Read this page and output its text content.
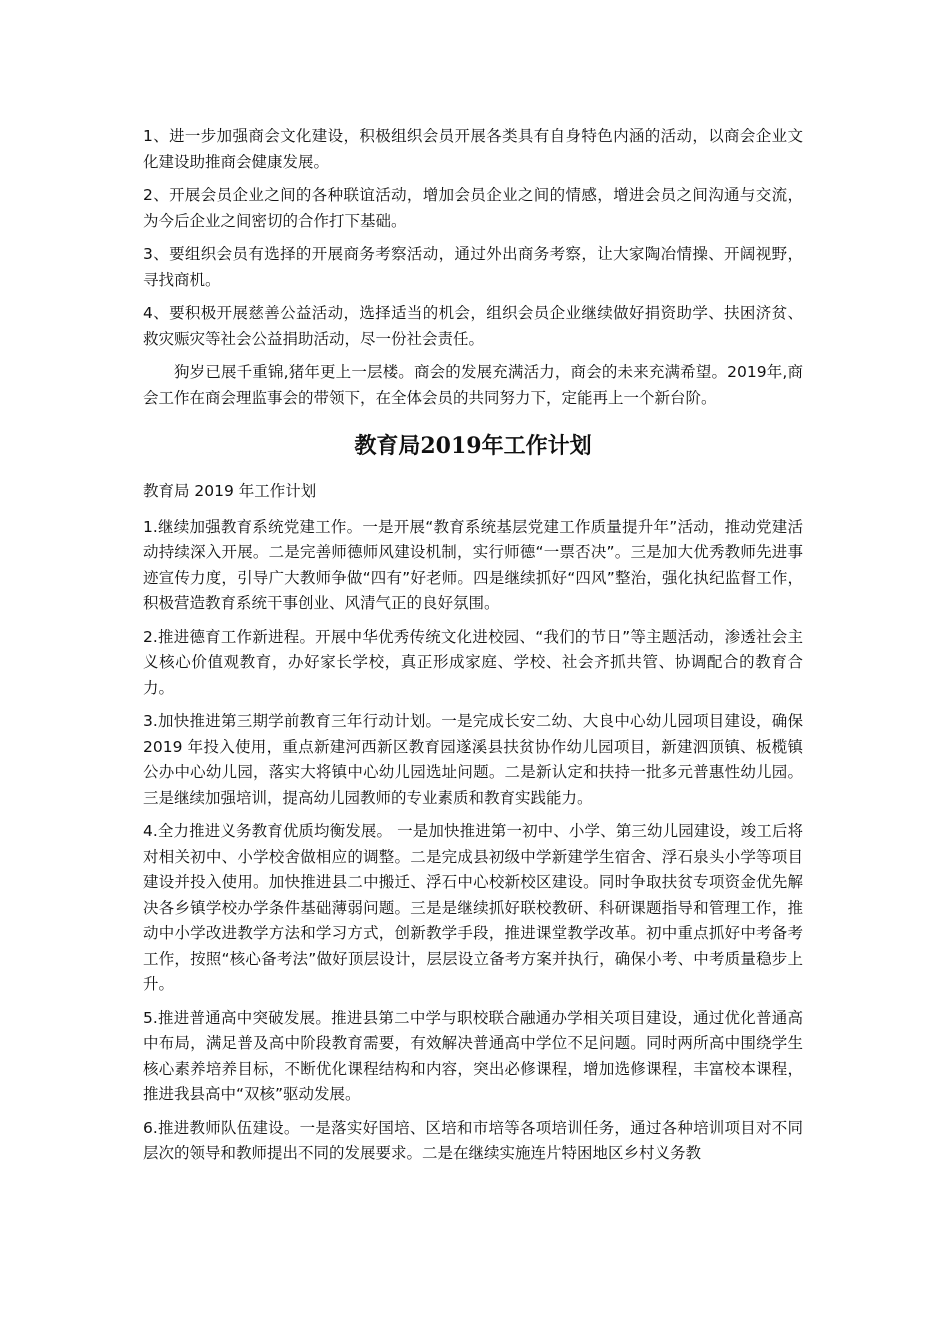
1、进一步加强商会文化建设，积极组织会员开展各类具有自身特色内涵的活动，以商会企业文化建设助推商会健康发展。

2、开展会员企业之间的各种联谊活动，增加会员企业之间的情感，增进会员之间沟通与交流，为今后企业之间密切的合作打下基础。

3、要组织会员有选择的开展商务考察活动，通过外出商务考察，让大家陶冶情操、开阔视野，寻找商机。

4、要积极开展慈善公益活动，选择适当的机会，组织会员企业继续做好捐资助学、扶困济贫、救灾赈灾等社会公益捐助活动，尽一份社会责任。

狗岁已展千重锦,猪年更上一层楼。商会的发展充满活力，商会的未来充满希望。2019年,商会工作在商会理监事会的带领下，在全体会员的共同努力下，定能再上一个新台阶。

教育局2019年工作计划

教育局 2019 年工作计划

1.继续加强教育系统党建工作。一是开展“教育系统基层党建工作质量提升年”活动，推动党建活动持续深入开展。二是完善师德师风建设机制，实行师德“一票否决”。三是加大优秀教师先进事迹宣传力度，引导广大教师争做“四有”好老师。四是继续抓好“四风”整治，强化执纪监督工作，积极营造教育系统干事创业、风清气正的良好氛围。

2.推进德育工作新进程。开展中华优秀传统文化进校园、“我们的节日”等主题活动，渗透社会主义核心价值观教育，办好家长学校，真正形成家庭、学校、社会齐抓共管、协调配合的教育合力。

3.加快推进第三期学前教育三年行动计划。一是完成长安二幼、大良中心幼儿园项目建设，确保 2019 年投入使用，重点新建河西新区教育园遂溪县扶贫协作幼儿园项目，新建泗顶镇、板榄镇公办中心幼儿园，落实大将镇中心幼儿园选址问题。二是新认定和扶持一批多元普惠性幼儿园。三是继续加强培训，提高幼儿园教师的专业素质和教育实践能力。

4.全力推进义务教育优质均衡发展。 一是加快推进第一初中、小学、第三幼儿园建设，竣工后将对相关初中、小学校舍做相应的调整。二是完成县初级中学新建学生宿舍、浮石泉头小学等项目建设并投入使用。加快推进县二中搬迁、浮石中心校新校区建设。同时争取扶贫专项资金优先解决各乡镇学校办学条件基础薄弱问题。三是是继续抓好联校教研、科研课题指导和管理工作，推动中小学改进教学方法和学习方式，创新教学手段，推进课堂教学改革。初中重点抓好中考备考工作，按照“核心备考法”做好顶层设计，层层设立备考方案并执行，确保小考、中考质量稳步上升。

5.推进普通高中突破发展。推进县第二中学与职校联合融通办学相关项目建设，通过优化普通高中布局，满足普及高中阶段教育需要，有效解决普通高中学位不足问题。同时两所高中围绕学生核心素养培养目标，不断优化课程结构和内容，突出必修课程，增加选修课程，丰富校本课程，推进我县高中“双核”驱动发展。

6.推进教师队伍建设。一是落实好国培、区培和市培等各项培训任务，通过各种培训项目对不同层次的领导和教师提出不同的发展要求。二是在继续实施连片特困地区乡村义务教
